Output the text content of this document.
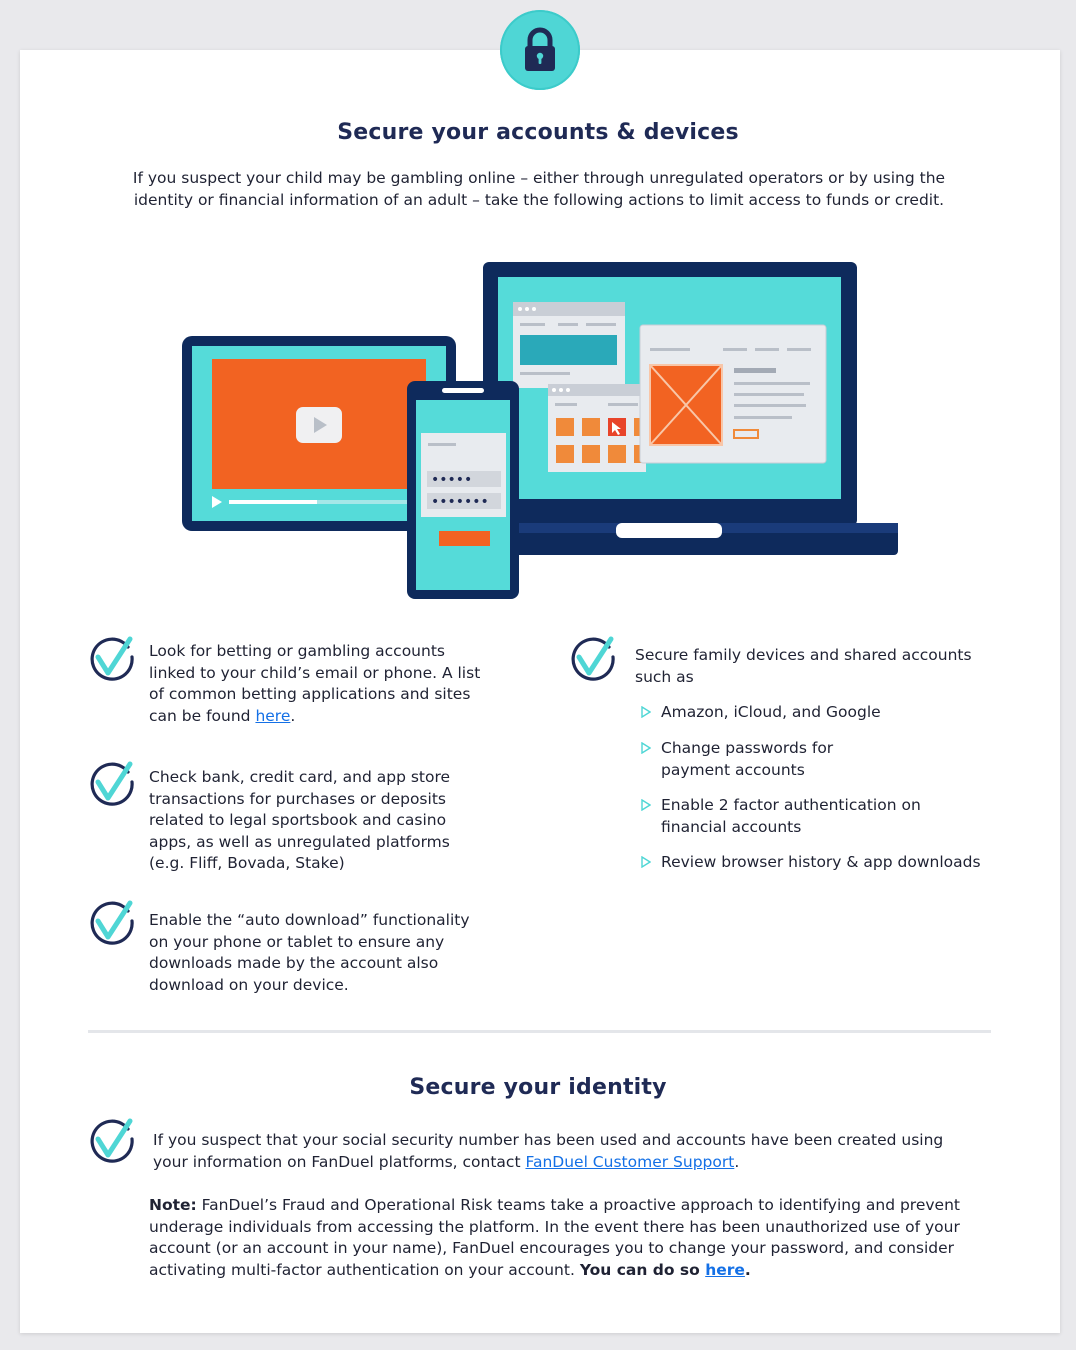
Secure your accounts & devices
If you suspect your child may be gambling online – either through unregulated operators or by using the identity or financial information of an adult – take the following actions to limit access to funds or credit.
•••••
•••••••
Look for betting or gambling accounts linked to your child’s email or phone. A list of common betting applications and sites can be found here.
Check bank, credit card, and app store transactions for purchases or deposits related to legal sportsbook and casino apps, as well as unregulated platforms (e.g. Fliff, Bovada, Stake)
Enable the “auto download” functionality on your phone or tablet to ensure any downloads made by the account also download on your device.
Secure family devices and shared accounts such as
Amazon, iCloud, and Google
Change passwords for payment accounts
Enable 2 factor authentication on financial accounts
Review browser history & app downloads
Secure your identity
If you suspect that your social security number has been used and accounts have been created using your information on FanDuel platforms, contact FanDuel Customer Support.
Note: FanDuel’s Fraud and Operational Risk teams take a proactive approach to identifying and prevent underage individuals from accessing the platform. In the event there has been unauthorized use of your account (or an account in your name), FanDuel encourages you to change your password, and consider activating multi-factor authentication on your account. You can do so here.
